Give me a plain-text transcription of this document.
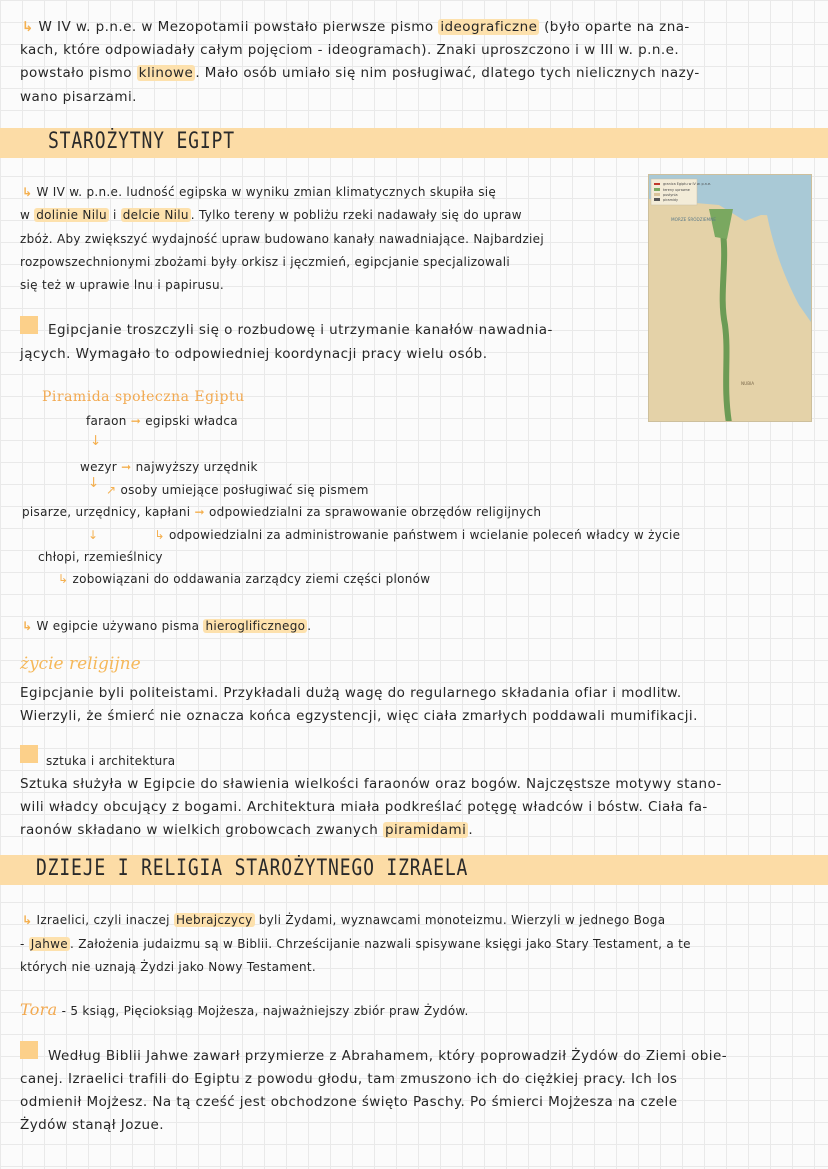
↳ W IV w. p.n.e. w Mezopotamii powstało pierwsze pismo ideograficzne (było oparte na zna-
kach, które odpowiadały całym pojęciom - ideogramach). Znaki uproszczono i w III w. p.n.e.
powstało pismo klinowe . Mało osób umiało się nim posługiwać, dlatego tych nielicznych nazy-
wano pisarzami.
STAROŻYTNY EGIPT
granica Egiptu w IV w. p.n.e.
tereny uprawne
pustynia
piramidy
MORZE ŚRÓDZIEMNE
NUBIA
↳ W IV w. p.n.e. ludność egipska w wyniku zmian klimatycznych skupiła się
w dolinie Nilu i delcie Nilu . Tylko tereny w pobliżu rzeki nadawały się do upraw
zbóż. Aby zwiększyć wydajność upraw budowano kanały nawadniające. Najbardziej
rozpowszechnionymi zbożami były orkisz i jęczmień, egipcjanie specjalizowali
się też w uprawie lnu i papirusu.
Egipcjanie troszczyli się o rozbudowę i utrzymanie kanałów nawadnia-
jących. Wymagało to odpowiedniej koordynacji pracy wielu osób.
Piramida społeczna Egiptu
faraon ➞ egipski władca
↓
wezyr ➞ najwyższy urzędnik
↓ ↗ osoby umiejące posługiwać się pismem
pisarze, urzędnicy, kapłani ➞ odpowiedzialni za sprawowanie obrzędów religijnych
↓	↳ odpowiedzialni za administrowanie państwem i wcielanie poleceń władcy w życie
chłopi, rzemieślnicy
↳ zobowiązani do oddawania zarządcy ziemi części plonów
↳ W egipcie używano pisma hieroglificznego .
życie religijne
Egipcjanie byli politeistami. Przykładali dużą wagę do regularnego składania ofiar i modlitw.
Wierzyli, że śmierć nie oznacza końca egzystencji, więc ciała zmarłych poddawali mumifikacji.
sztuka i architektura
Sztuka służyła w Egipcie do sławienia wielkości faraonów oraz bogów. Najczęstsze motywy stano-
wili władcy obcujący z bogami. Architektura miała podkreślać potęgę władców i bóstw. Ciała fa-
raonów składano w wielkich grobowcach zwanych piramidami .
DZIEJE I RELIGIA STAROŻYTNEGO IZRAELA
↳ Izraelici, czyli inaczej Hebrajczycy byli Żydami, wyznawcami monoteizmu. Wierzyli w jednego Boga
- Jahwe . Założenia judaizmu są w Biblii. Chrześcijanie nazwali spisywane księgi jako Stary Testament, a te
których nie uznają Żydzi jako Nowy Testament.
Tora - 5 ksiąg, Pięcioksiąg Mojżesza, najważniejszy zbiór praw Żydów.
Według Biblii Jahwe zawarł przymierze z Abrahamem, który poprowadził Żydów do Ziemi obie-
canej. Izraelici trafili do Egiptu z powodu głodu, tam zmuszono ich do ciężkiej pracy. Ich los
odmienił Mojżesz. Na tą cześć jest obchodzone święto Paschy. Po śmierci Mojżesza na czele
Żydów stanął Jozue.
